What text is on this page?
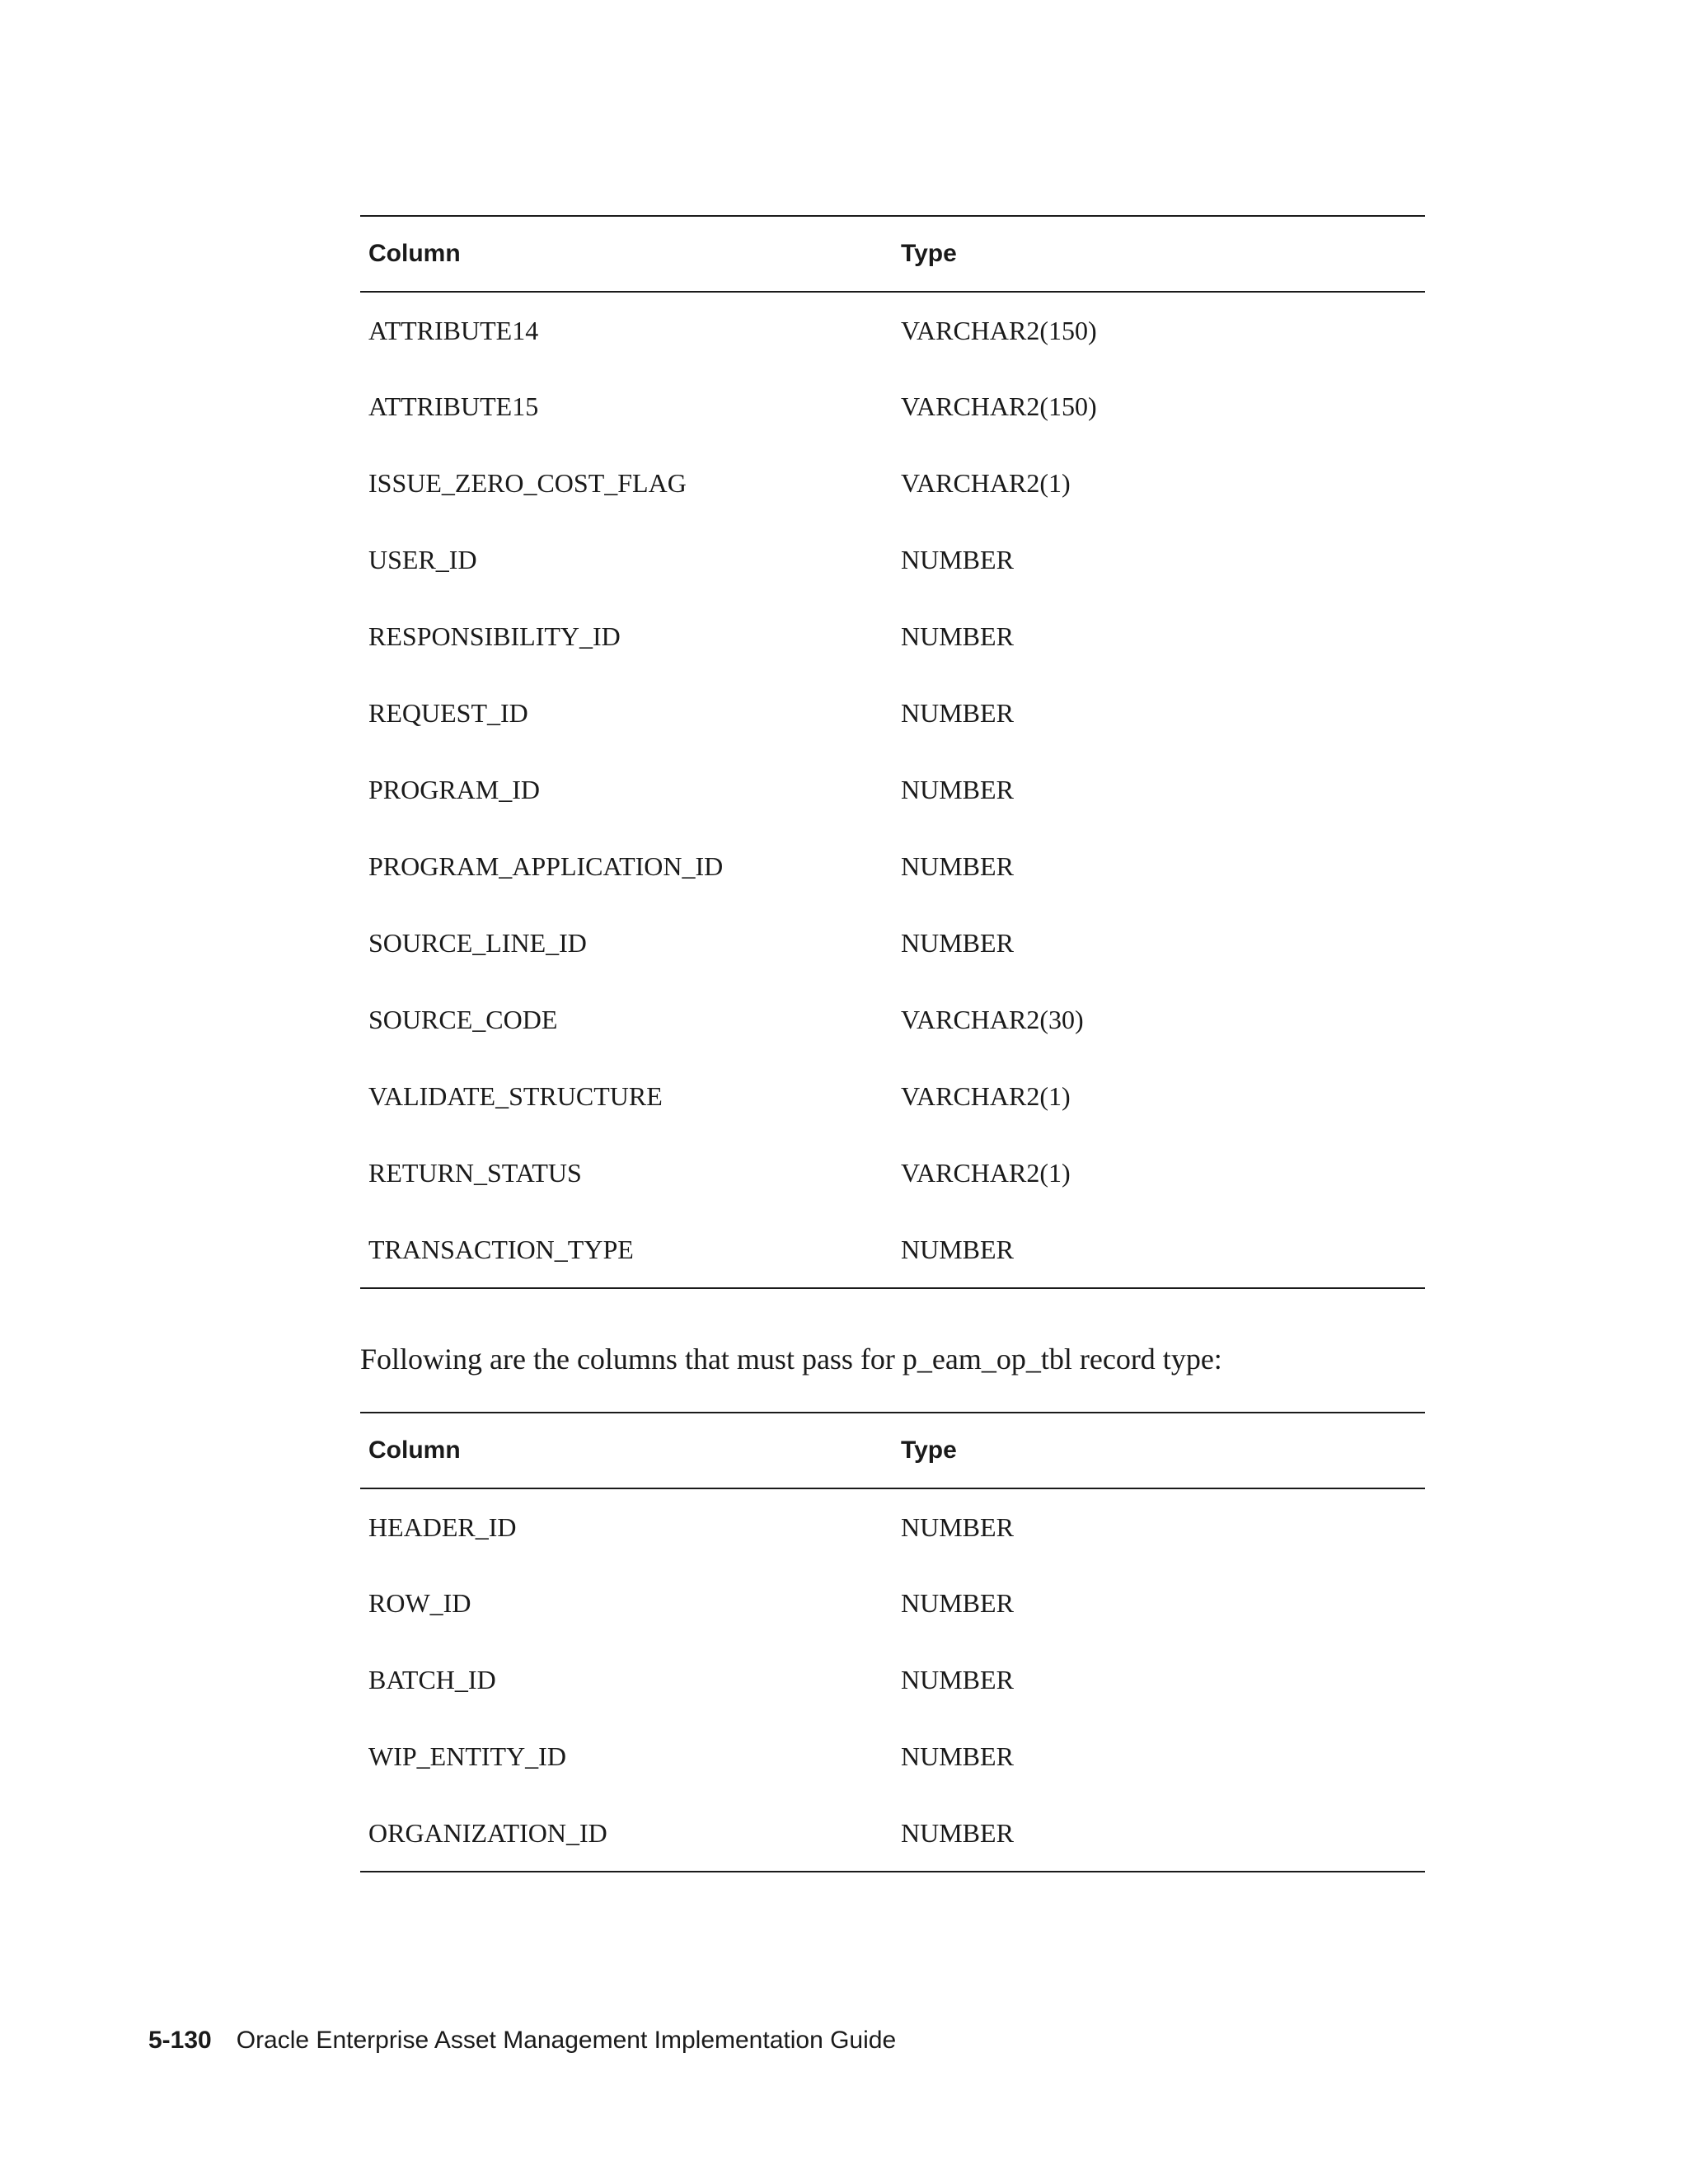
Column	Type
ATTRIBUTE14	VARCHAR2(150)
ATTRIBUTE15	VARCHAR2(150)
ISSUE_ZERO_COST_FLAG	VARCHAR2(1)
USER_ID	NUMBER
RESPONSIBILITY_ID	NUMBER
REQUEST_ID	NUMBER
PROGRAM_ID	NUMBER
PROGRAM_APPLICATION_ID	NUMBER
SOURCE_LINE_ID	NUMBER
SOURCE_CODE	VARCHAR2(30)
VALIDATE_STRUCTURE	VARCHAR2(1)
RETURN_STATUS	VARCHAR2(1)
TRANSACTION_TYPE	NUMBER

Following are the columns that must pass for p_eam_op_tbl record type:

Column	Type
HEADER_ID	NUMBER
ROW_ID	NUMBER
BATCH_ID	NUMBER
WIP_ENTITY_ID	NUMBER
ORGANIZATION_ID	NUMBER
5-130 Oracle Enterprise Asset Management Implementation Guide
